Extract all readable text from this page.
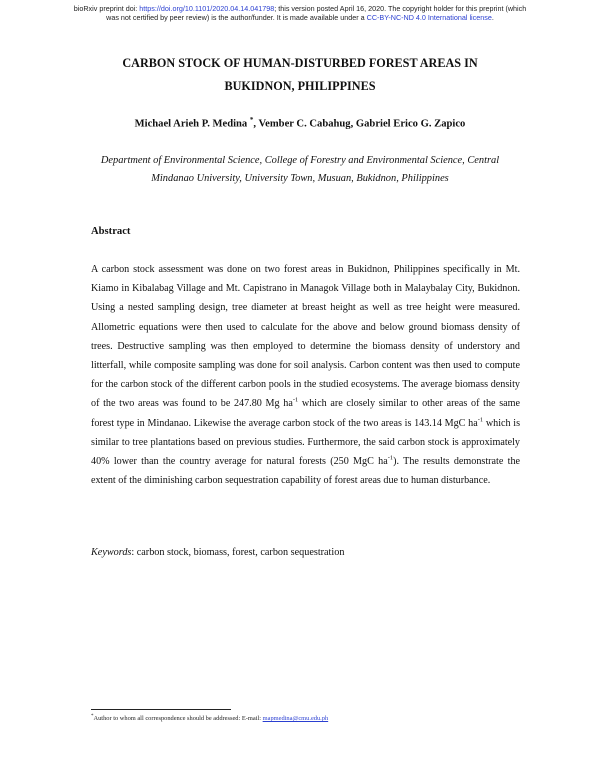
bioRxiv preprint doi: https://doi.org/10.1101/2020.04.14.041798; this version posted April 16, 2020. The copyright holder for this preprint (which
was not certified by peer review) is the author/funder. It is made available under a CC-BY-NC-ND 4.0 International license.
CARBON STOCK OF HUMAN-DISTURBED FOREST AREAS IN
BUKIDNON, PHILIPPINES
Michael Arieh P. Medina *, Vember C. Cabahug, Gabriel Erico G. Zapico
Department of Environmental Science, College of Forestry and Environmental Science, Central
Mindanao University, University Town, Musuan, Bukidnon, Philippines
Abstract
A carbon stock assessment was done on two forest areas in Bukidnon, Philippines specifically in Mt. Kiamo in Kibalabag Village and Mt. Capistrano in Managok Village both in Malaybalay City, Bukidnon. Using a nested sampling design, tree diameter at breast height as well as tree height were measured. Allometric equations were then used to calculate for the above and below ground biomass density of trees. Destructive sampling was then employed to determine the biomass density of understory and litterfall, while composite sampling was done for soil analysis. Carbon content was then used to compute for the carbon stock of the different carbon pools in the studied ecosystems. The average biomass density of the two areas was found to be 247.80 Mg $ha^{-1}$ which are closely similar to other areas of the same forest type in Mindanao. Likewise the average carbon stock of the two areas is 143.14 MgC $ha^{-1}$ which is similar to tree plantations based on previous studies. Furthermore, the said carbon stock is approximately 40% lower than the country average for natural forests (250 MgC $ha^{-1}$). The results demonstrate the extent of the diminishing carbon sequestration capability of forest areas due to human disturbance.
Keywords: carbon stock, biomass, forest, carbon sequestration
*Author to whom all correspondence should be addressed: E-mail: mapmedina@cmu.edu.ph
